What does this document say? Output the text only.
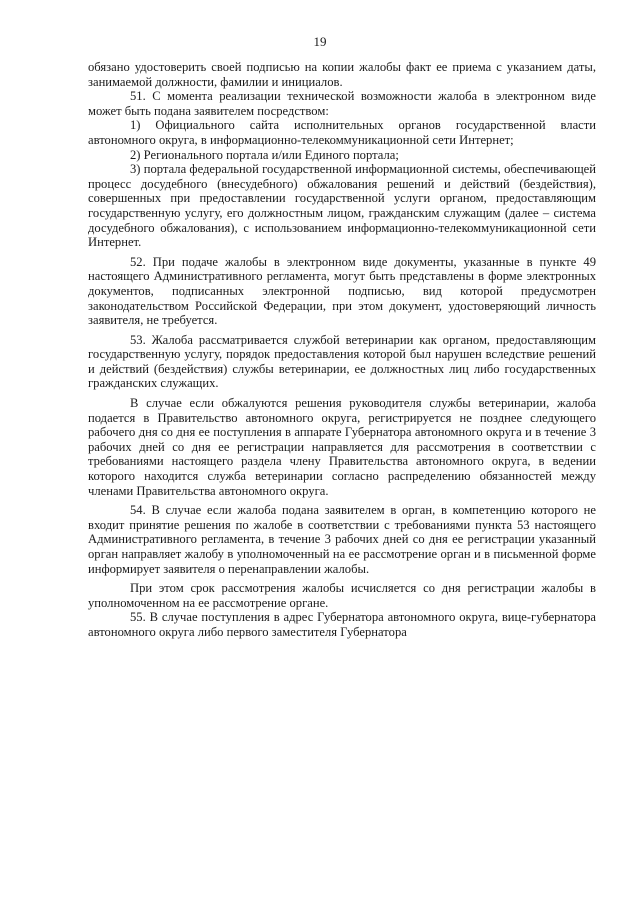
19

обязано удостоверить своей подписью на копии жалобы факт ее приема с указанием даты, занимаемой должности, фамилии и инициалов.

51. С момента реализации технической возможности жалоба в электронном виде может быть подана заявителем посредством:

1) Официального сайта исполнительных органов государственной власти автономного округа, в информационно-телекоммуникационной сети Интернет;

2) Регионального портала и/или Единого портала;

3) портала федеральной государственной информационной системы, обеспечивающей процесс досудебного (внесудебного) обжалования решений и действий (бездействия), совершенных при предоставлении государственной услуги органом, предоставляющим государственную услугу, его должностным лицом, гражданским служащим (далее – система досудебного обжалования), с использованием информационно-телекоммуникационной сети Интернет.

52. При подаче жалобы в электронном виде документы, указанные в пункте 49 настоящего Административного регламента, могут быть представлены в форме электронных документов, подписанных электронной подписью, вид которой предусмотрен законодательством Российской Федерации, при этом документ, удостоверяющий личность заявителя, не требуется.

53. Жалоба рассматривается службой ветеринарии как органом, предоставляющим государственную услугу, порядок предоставления которой был нарушен вследствие решений и действий (бездействия) службы ветеринарии, ее должностных лиц либо государственных гражданских служащих.

В случае если обжалуются решения руководителя службы ветеринарии, жалоба подается в Правительство автономного округа, регистрируется не позднее следующего рабочего дня со дня ее поступления в аппарате Губернатора автономного округа и в течение 3 рабочих дней со дня ее регистрации направляется для рассмотрения в соответствии с требованиями настоящего раздела члену Правительства автономного округа, в ведении которого находится служба ветеринарии согласно распределению обязанностей между членами Правительства автономного округа.

54. В случае если жалоба подана заявителем в орган, в компетенцию которого не входит принятие решения по жалобе в соответствии с требованиями пункта 53 настоящего Административного регламента, в течение 3 рабочих дней со дня ее регистрации указанный орган направляет жалобу в уполномоченный на ее рассмотрение орган и в письменной форме информирует заявителя о перенаправлении жалобы.

При этом срок рассмотрения жалобы исчисляется со дня регистрации жалобы в уполномоченном на ее рассмотрение органе.

55. В случае поступления в адрес Губернатора автономного округа, вице-губернатора автономного округа либо первого заместителя Губернатора
